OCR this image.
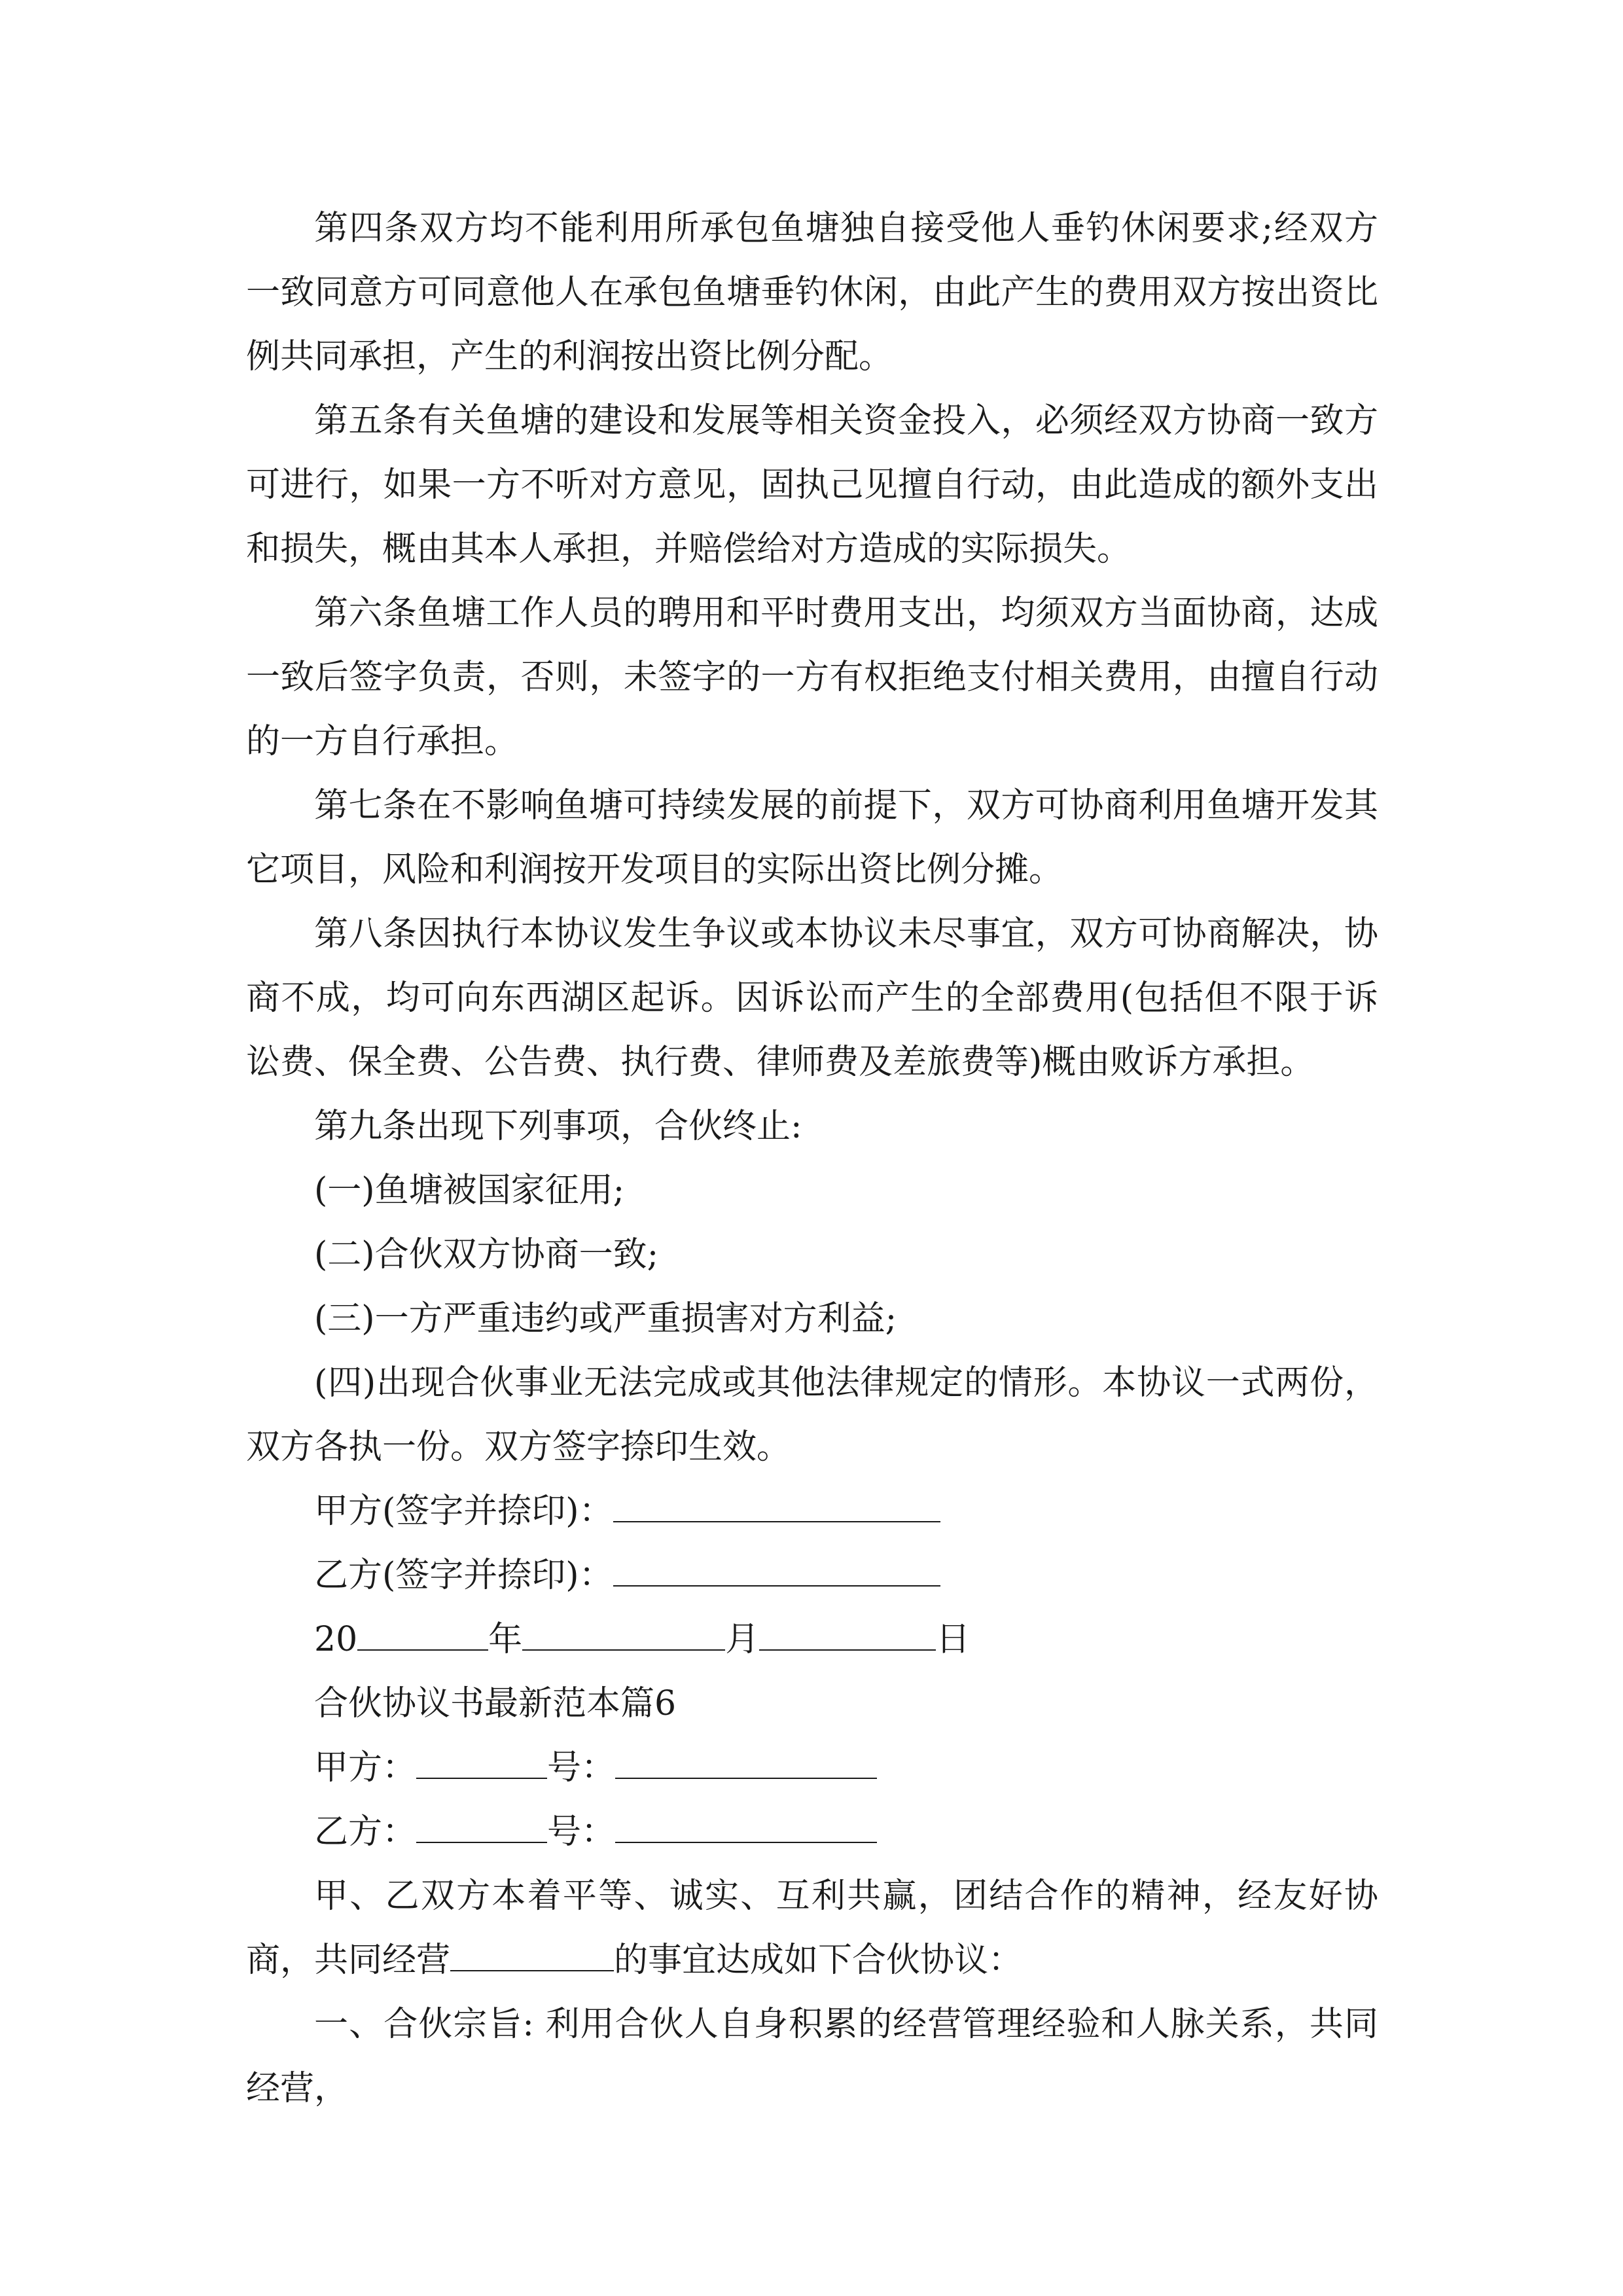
第四条双方均不能利用所承包鱼塘独自接受他人垂钓休闲要求;经双方一致同意方可同意他人在承包鱼塘垂钓休闲，由此产生的费用双方按出资比例共同承担，产生的利润按出资比例分配。

第五条有关鱼塘的建设和发展等相关资金投入，必须经双方协商一致方可进行，如果一方不听对方意见，固执己见擅自行动，由此造成的额外支出和损失，概由其本人承担，并赔偿给对方造成的实际损失。

第六条鱼塘工作人员的聘用和平时费用支出，均须双方当面协商，达成一致后签字负责，否则，未签字的一方有权拒绝支付相关费用，由擅自行动的一方自行承担。

第七条在不影响鱼塘可持续发展的前提下，双方可协商利用鱼塘开发其它项目，风险和利润按开发项目的实际出资比例分摊。

第八条因执行本协议发生争议或本协议未尽事宜，双方可协商解决，协商不成，均可向东西湖区起诉。因诉讼而产生的全部费用(包括但不限于诉讼费、保全费、公告费、执行费、律师费及差旅费等)概由败诉方承担。

第九条出现下列事项，合伙终止:

(一)鱼塘被国家征用;

(二)合伙双方协商一致;

(三)一方严重违约或严重损害对方利益;

(四)出现合伙事业无法完成或其他法律规定的情形。本协议一式两份，双方各执一份。双方签字捺印生效。

甲方(签字并捺印)：

乙方(签字并捺印)：

20	年	月	日

合伙协议书最新范本篇6

甲方：	号：

乙方：	号：

甲、乙双方本着平等、诚实、互利共赢，团结合作的精神，经友好协商，共同经营	的事宜达成如下合伙协议：

一、合伙宗旨: 利用合伙人自身积累的经营管理经验和人脉关系，共同经营，
